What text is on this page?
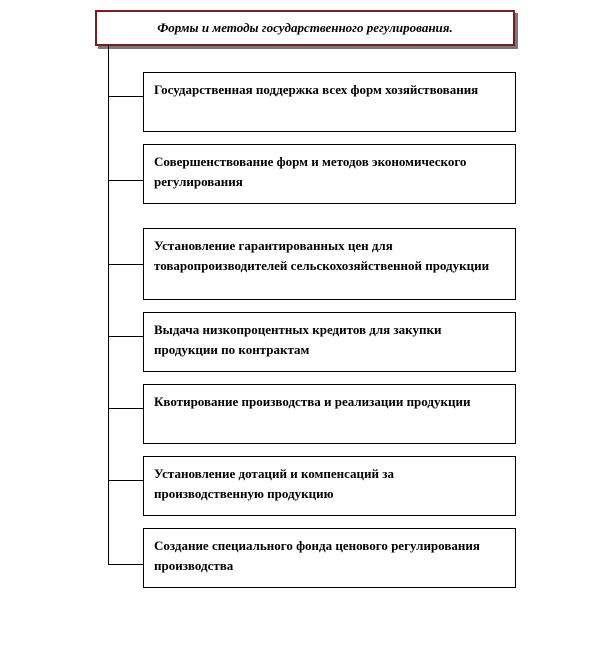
Формы и методы государственного регулирования.
Государственная поддержка всех форм хозяйствования
Совершенствование форм и методов экономического регулирования
Установление гарантированных цен для товаропроизводителей сельскохозяйственной продукции
Выдача низкопроцентных кредитов для закупки продукции по контрактам
Квотирование производства и реализации продукции
Установление дотаций и компенсаций за производственную продукцию
Создание специального фонда ценового регулирования производства
